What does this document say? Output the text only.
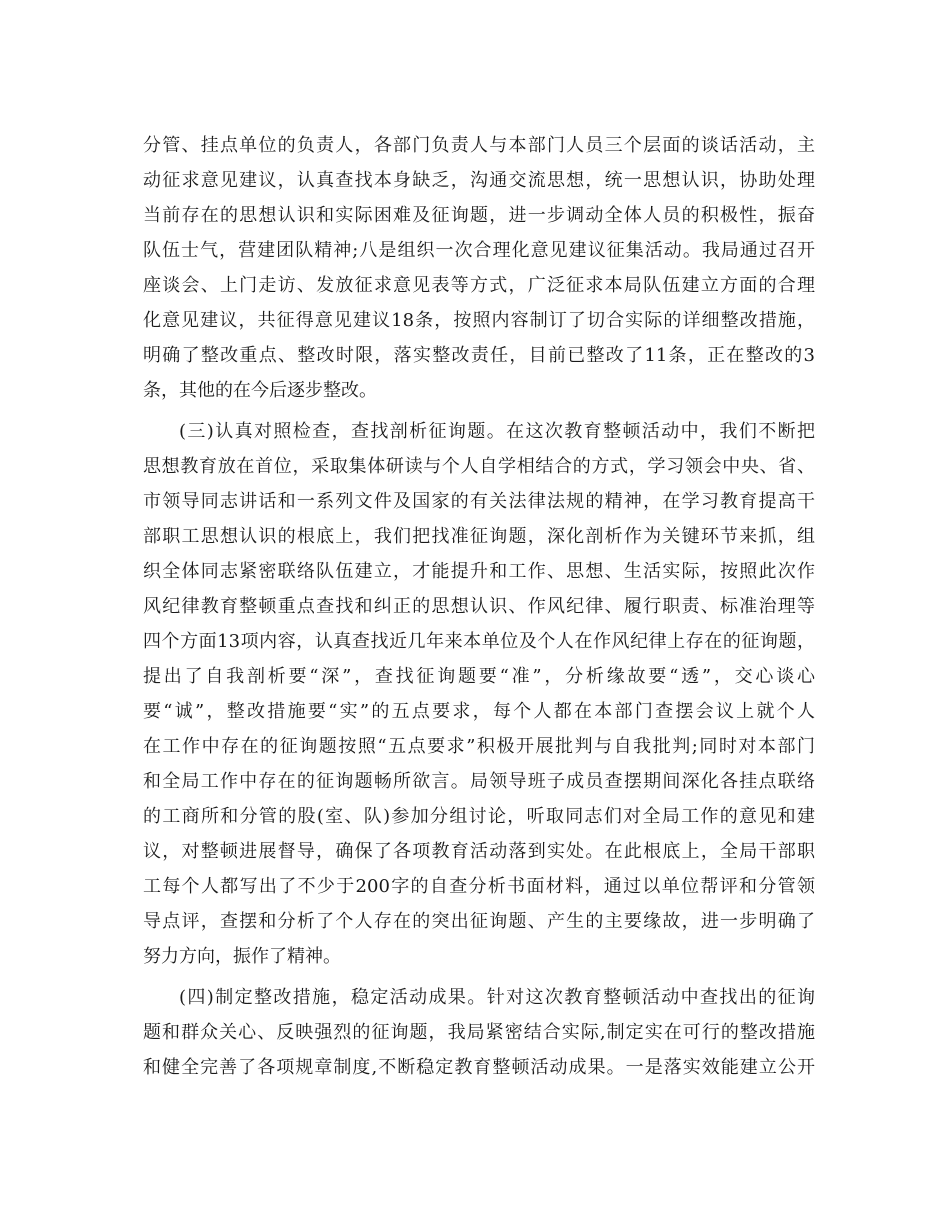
分管、挂点单位的负责人，各部门负责人与本部门人员三个层面的谈话活动，主
动征求意见建议，认真查找本身缺乏，沟通交流思想，统一思想认识，协助处理
当前存在的思想认识和实际困难及征询题，进一步调动全体人员的积极性，振奋
队伍士气，营建团队精神;八是组织一次合理化意见建议征集活动。我局通过召开
座谈会、上门走访、发放征求意见表等方式，广泛征求本局队伍建立方面的合理
化意见建议，共征得意见建议18条，按照内容制订了切合实际的详细整改措施，
明确了整改重点、整改时限，落实整改责任，目前已整改了11条，正在整改的3
条，其他的在今后逐步整改。
(三)认真对照检查，查找剖析征询题。在这次教育整顿活动中，我们不断把
思想教育放在首位，采取集体研读与个人自学相结合的方式，学习领会中央、省、
市领导同志讲话和一系列文件及国家的有关法律法规的精神，在学习教育提高干
部职工思想认识的根底上，我们把找准征询题，深化剖析作为关键环节来抓，组
织全体同志紧密联络队伍建立，才能提升和工作、思想、生活实际，按照此次作
风纪律教育整顿重点查找和纠正的思想认识、作风纪律、履行职责、标准治理等
四个方面13项内容，认真查找近几年来本单位及个人在作风纪律上存在的征询题，
提出了自我剖析要“深”，查找征询题要“准”，分析缘故要“透”，交心谈心
要“诚”，整改措施要“实”的五点要求，每个人都在本部门查摆会议上就个人
在工作中存在的征询题按照“五点要求”积极开展批判与自我批判;同时对本部门
和全局工作中存在的征询题畅所欲言。局领导班子成员查摆期间深化各挂点联络
的工商所和分管的股(室、队)参加分组讨论，听取同志们对全局工作的意见和建
议，对整顿进展督导，确保了各项教育活动落到实处。在此根底上，全局干部职
工每个人都写出了不少于200字的自查分析书面材料，通过以单位帮评和分管领
导点评，查摆和分析了个人存在的突出征询题、产生的主要缘故，进一步明确了
努力方向，振作了精神。
(四)制定整改措施，稳定活动成果。针对这次教育整顿活动中查找出的征询
题和群众关心、反映强烈的征询题，我局紧密结合实际,制定实在可行的整改措施
和健全完善了各项规章制度,不断稳定教育整顿活动成果。一是落实效能建立公开
